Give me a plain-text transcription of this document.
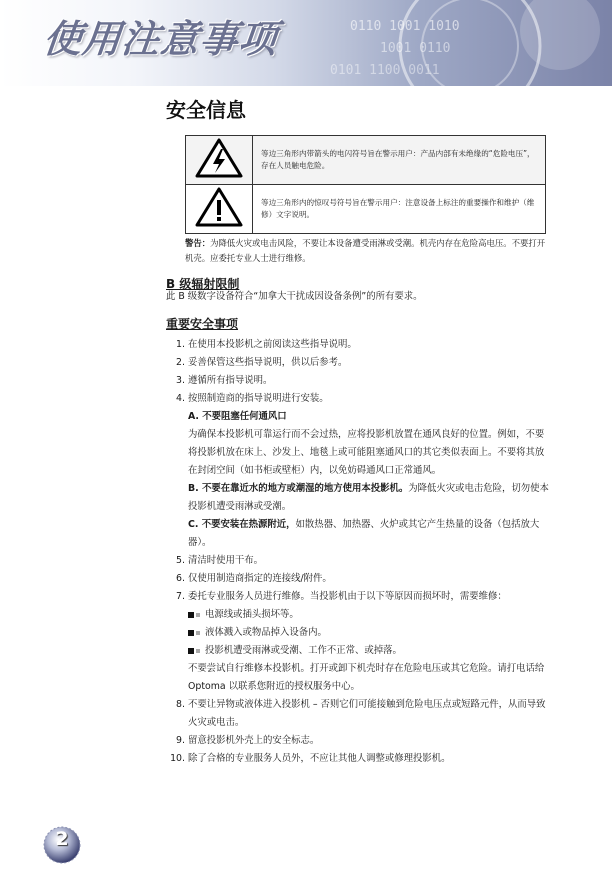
0110 1001 1010
1001 0110
0101 1100 0011
使用注意事项
安全信息
	等边三角形内带箭头的电闪符号旨在警示用户：产品内部有未绝缘的“危险电压”，存在人员触电危险。
	等边三角形内的惊叹号符号旨在警示用户：注意设备上标注的重要操作和维护（维修）文字说明。
警告：为降低火灾或电击风险，不要让本设备遭受雨淋或受潮。机壳内存在危险高电压。不要打开机壳。应委托专业人士进行维修。
B 级辐射限制
此 B 级数字设备符合“加拿大干扰成因设备条例”的所有要求。
重要安全事项
1. 在使用本投影机之前阅读这些指导说明。
2. 妥善保管这些指导说明，供以后参考。
3. 遵循所有指导说明。
4. 按照制造商的指导说明进行安装。
A. 不要阻塞任何通风口
为确保本投影机可靠运行而不会过热，应将投影机放置在通风良好的位置。例如，不要将投影机放在床上、沙发上、地毯上或可能阻塞通风口的其它类似表面上。不要将其放在封闭空间（如书柜或壁柜）内，以免妨碍通风口正常通风。
B. 不要在靠近水的地方或潮湿的地方使用本投影机。为降低火灾或电击危险，切勿使本投影机遭受雨淋或受潮。
C. 不要安装在热源附近，如散热器、加热器、火炉或其它产生热量的设备（包括放大器）。
5. 清洁时使用干布。
6. 仅使用制造商指定的连接线/附件。
7. 委托专业服务人员进行维修。当投影机由于以下等原因而损坏时，需要维修：
电源线或插头损坏等。
液体溅入或物品掉入设备内。
投影机遭受雨淋或受潮、工作不正常、或掉落。
不要尝试自行维修本投影机。打开或卸下机壳时存在危险电压或其它危险。请打电话给 Optoma 以联系您附近的授权服务中心。
8. 不要让异物或液体进入投影机 – 否则它们可能接触到危险电压点或短路元件，从而导致火灾或电击。
9. 留意投影机外壳上的安全标志。
10. 除了合格的专业服务人员外，不应让其他人调整或修理投影机。
2
